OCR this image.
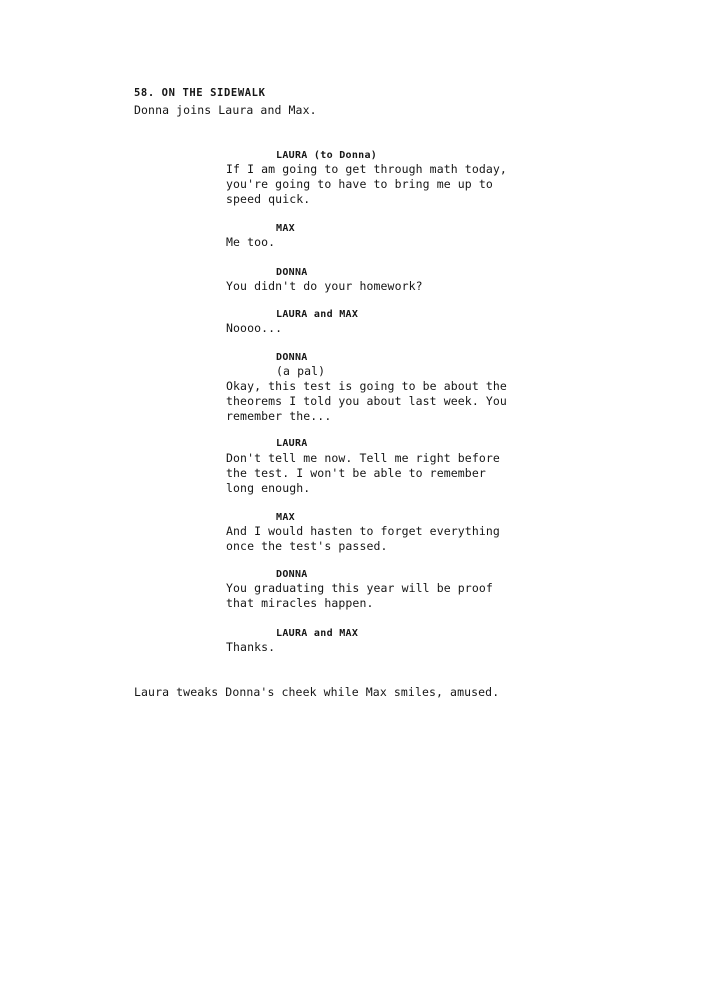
58. ON THE SIDEWALK
Donna joins Laura and Max.
LAURA (to Donna)
If I am going to get through math today,
you're going to have to bring me up to
speed quick.
MAX
Me too.
DONNA
You didn't do your homework?
LAURA and MAX
Noooo...
DONNA
(a pal)
Okay, this test is going to be about the
theorems I told you about last week. You
remember the...
LAURA
Don't tell me now. Tell me right before
the test. I won't be able to remember
long enough.
MAX
And I would hasten to forget everything
once the test's passed.
DONNA
You graduating this year will be proof
that miracles happen.
LAURA and MAX
Thanks.
Laura tweaks Donna's cheek while Max smiles, amused.
